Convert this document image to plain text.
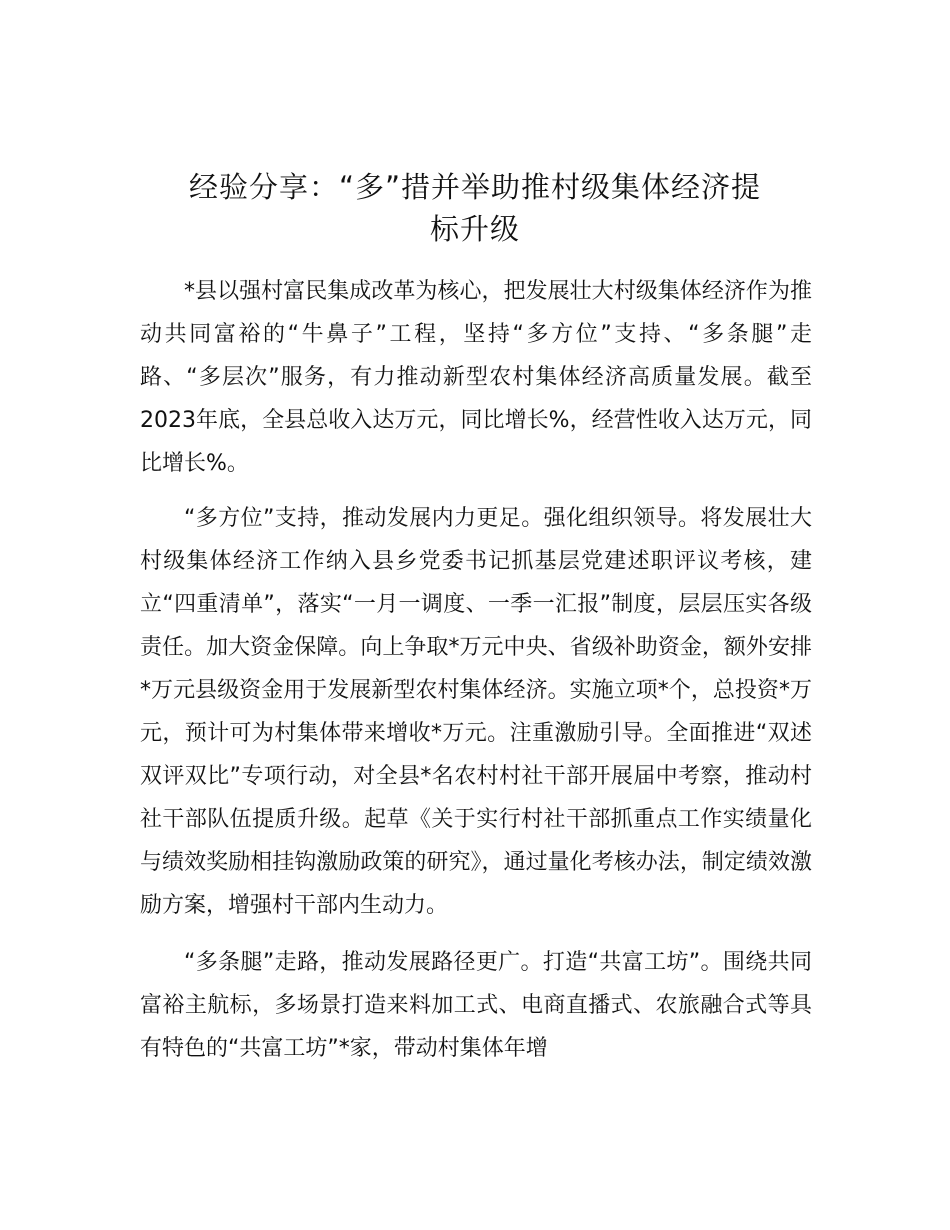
经验分享：“多”措并举助推村级集体经济提
标升级

*县以强村富民集成改革为核心，把发展壮大村级集体经济作为推动共同富裕的“牛鼻子”工程，坚持“多方位”支持、“多条腿”走路、“多层次”服务，有力推动新型农村集体经济高质量发展。截至2023年底，全县总收入达万元，同比增长%，经营性收入达万元，同比增长%。

“多方位”支持，推动发展内力更足。强化组织领导。将发展壮大村级集体经济工作纳入县乡党委书记抓基层党建述职评议考核，建立“四重清单”，落实“一月一调度、一季一汇报”制度，层层压实各级责任。加大资金保障。向上争取*万元中央、省级补助资金，额外安排*万元县级资金用于发展新型农村集体经济。实施立项*个，总投资*万元，预计可为村集体带来增收*万元。注重激励引导。全面推进“双述双评双比”专项行动，对全县*名农村村社干部开展届中考察，推动村社干部队伍提质升级。起草《关于实行村社干部抓重点工作实绩量化与绩效奖励相挂钩激励政策的研究》，通过量化考核办法，制定绩效激励方案，增强村干部内生动力。

“多条腿”走路，推动发展路径更广。打造“共富工坊”。围绕共同富裕主航标，多场景打造来料加工式、电商直播式、农旅融合式等具有特色的“共富工坊”*家，带动村集体年增
